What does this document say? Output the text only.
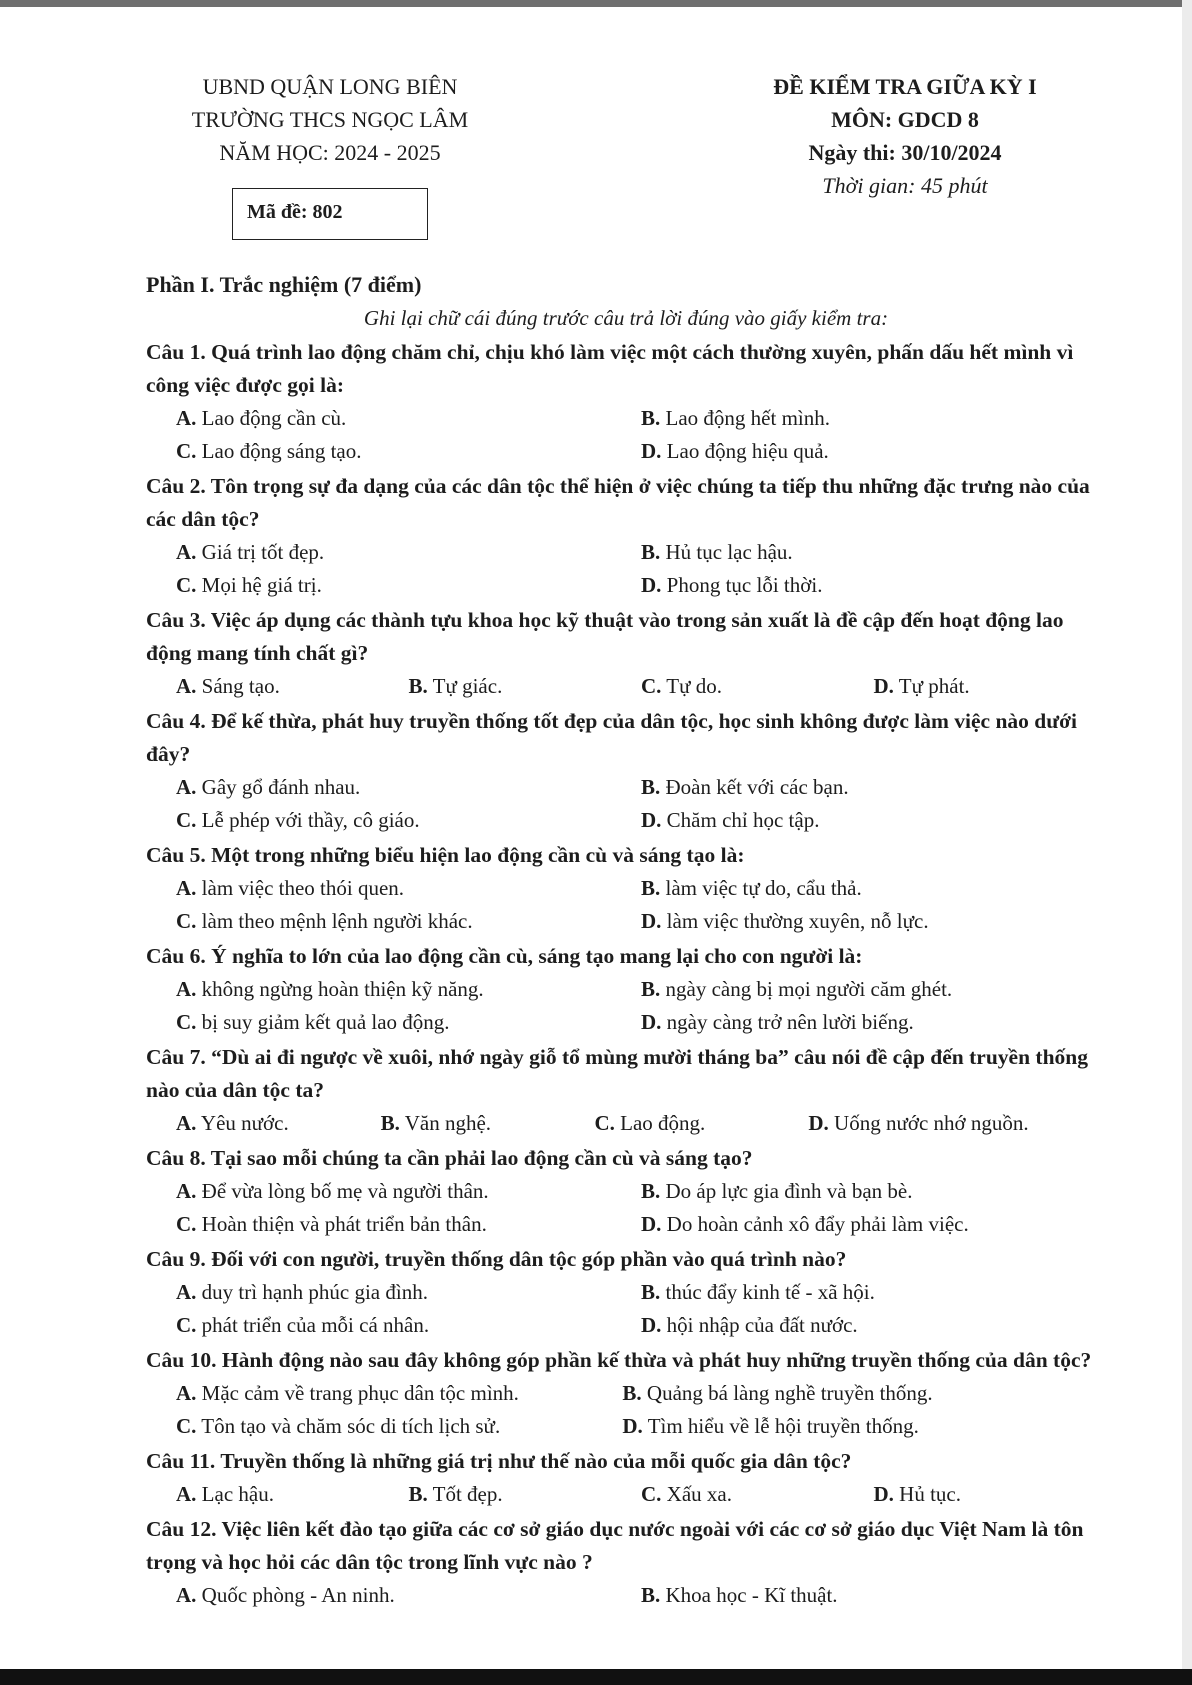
UBND QUẬN LONG BIÊN
TRƯỜNG THCS NGỌC LÂM
NĂM HỌC: 2024 - 2025
ĐỀ KIỂM TRA GIỮA KỲ I
MÔN: GDCD 8
Ngày thi: 30/10/2024
Thời gian: 45 phút
Mã đề: 802
Phần I. Trắc nghiệm (7 điểm)
Ghi lại chữ cái đúng trước câu trả lời đúng vào giấy kiểm tra:
Câu 1. Quá trình lao động chăm chỉ, chịu khó làm việc một cách thường xuyên, phấn dấu hết mình vì công việc được gọi là:
A. Lao động cần cù.	B. Lao động hết mình.
C. Lao động sáng tạo.	D. Lao động hiệu quả.
Câu 2. Tôn trọng sự đa dạng của các dân tộc thể hiện ở việc chúng ta tiếp thu những đặc trưng nào của các dân tộc?
A. Giá trị tốt đẹp.	B. Hủ tục lạc hậu.
C. Mọi hệ giá trị.	D. Phong tục lỗi thời.
Câu 3. Việc áp dụng các thành tựu khoa học kỹ thuật vào trong sản xuất là đề cập đến hoạt động lao động mang tính chất gì?
A. Sáng tạo.	B. Tự giác.	C. Tự do.	D. Tự phát.
Câu 4. Để kế thừa, phát huy truyền thống tốt đẹp của dân tộc, học sinh không được làm việc nào dưới đây?
A. Gây gổ đánh nhau.	B. Đoàn kết với các bạn.
C. Lễ phép với thầy, cô giáo.	D. Chăm chỉ học tập.
Câu 5. Một trong những biểu hiện lao động cần cù và sáng tạo là:
A. làm việc theo thói quen.	B. làm việc tự do, cẩu thả.
C. làm theo mệnh lệnh người khác.	D. làm việc thường xuyên, nỗ lực.
Câu 6. Ý nghĩa to lớn của lao động cần cù, sáng tạo mang lại cho con người là:
A. không ngừng hoàn thiện kỹ năng.	B. ngày càng bị mọi người căm ghét.
C. bị suy giảm kết quả lao động.	D. ngày càng trở nên lười biếng.
Câu 7. “Dù ai đi ngược về xuôi, nhớ ngày giỗ tổ mùng mười tháng ba” câu nói đề cập đến truyền thống nào của dân tộc ta?
A. Yêu nước.	B. Văn nghệ.	C. Lao động.	D. Uống nước nhớ nguồn.
Câu 8. Tại sao mỗi chúng ta cần phải lao động cần cù và sáng tạo?
A. Để vừa lòng bố mẹ và người thân.	B. Do áp lực gia đình và bạn bè.
C. Hoàn thiện và phát triển bản thân.	D. Do hoàn cảnh xô đẩy phải làm việc.
Câu 9. Đối với con người, truyền thống dân tộc góp phần vào quá trình nào?
A. duy trì hạnh phúc gia đình.	B. thúc đẩy kinh tế - xã hội.
C. phát triển của mỗi cá nhân.	D. hội nhập của đất nước.
Câu 10. Hành động nào sau đây không góp phần kế thừa và phát huy những truyền thống của dân tộc?
A. Mặc cảm về trang phục dân tộc mình.	B. Quảng bá làng nghề truyền thống.
C. Tôn tạo và chăm sóc di tích lịch sử.	D. Tìm hiểu về lễ hội truyền thống.
Câu 11. Truyền thống là những giá trị như thế nào của mỗi quốc gia dân tộc?
A. Lạc hậu.	B. Tốt đẹp.	C. Xấu xa.	D. Hủ tục.
Câu 12. Việc liên kết đào tạo giữa các cơ sở giáo dục nước ngoài với các cơ sở giáo dục Việt Nam là tôn trọng và học hỏi các dân tộc trong lĩnh vực nào ?
A. Quốc phòng - An ninh.	B. Khoa học - Kĩ thuật.
